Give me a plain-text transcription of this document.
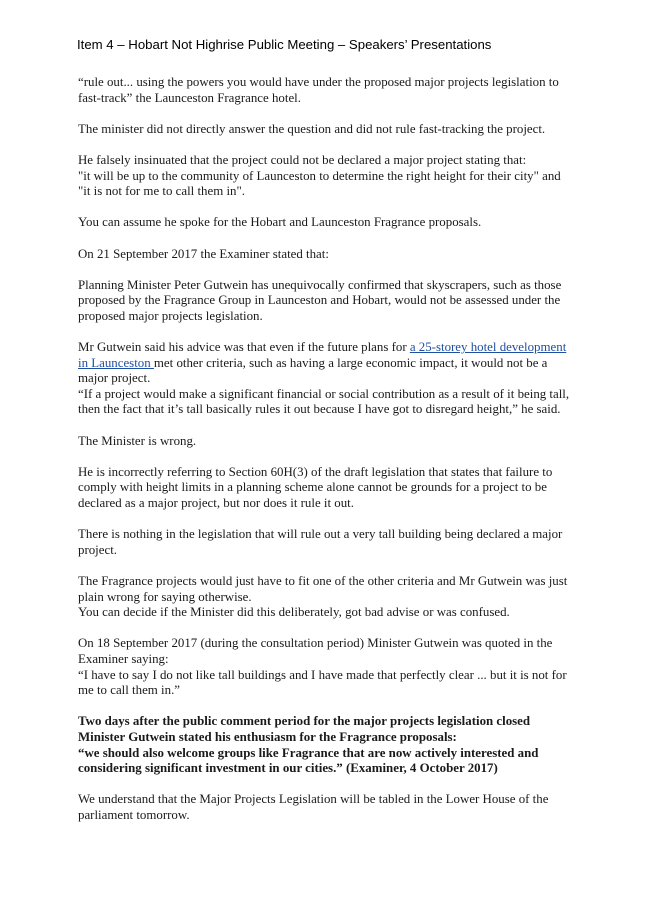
Item 4 – Hobart Not Highrise Public Meeting – Speakers’ Presentations

“rule out... using the powers you would have under the proposed major projects legislation to fast-track” the Launceston Fragrance hotel.

The minister did not directly answer the question and did not rule fast-tracking the project.

He falsely insinuated that the project could not be declared a major project stating that:
"it will be up to the community of Launceston to determine the right height for their city" and "it is not for me to call them in".

You can assume he spoke for the Hobart and Launceston Fragrance proposals.

On 21 September 2017 the Examiner stated that:

Planning Minister Peter Gutwein has unequivocally confirmed that skyscrapers, such as those proposed by the Fragrance Group in Launceston and Hobart, would not be assessed under the proposed major projects legislation.

Mr Gutwein said his advice was that even if the future plans for a 25-storey hotel development in Launceston met other criteria, such as having a large economic impact, it would not be a major project.
“If a project would make a significant financial or social contribution as a result of it being tall, then the fact that it’s tall basically rules it out because I have got to disregard height,” he said.

The Minister is wrong.

He is incorrectly referring to Section 60H(3) of the draft legislation that states that failure to comply with height limits in a planning scheme alone cannot be grounds for a project to be declared as a major project, but nor does it rule it out.

There is nothing in the legislation that will rule out a very tall building being declared a major project.

The Fragrance projects would just have to fit one of the other criteria and Mr Gutwein was just plain wrong for saying otherwise.
You can decide if the Minister did this deliberately, got bad advise or was confused.

On 18 September 2017 (during the consultation period) Minister Gutwein was quoted in the Examiner saying:
“I have to say I do not like tall buildings and I have made that perfectly clear ... but it is not for me to call them in.”

Two days after the public comment period for the major projects legislation closed Minister Gutwein stated his enthusiasm for the Fragrance proposals:
“we should also welcome groups like Fragrance that are now actively interested and considering significant investment in our cities.” (Examiner, 4 October 2017)

We understand that the Major Projects Legislation will be tabled in the Lower House of the parliament tomorrow.
